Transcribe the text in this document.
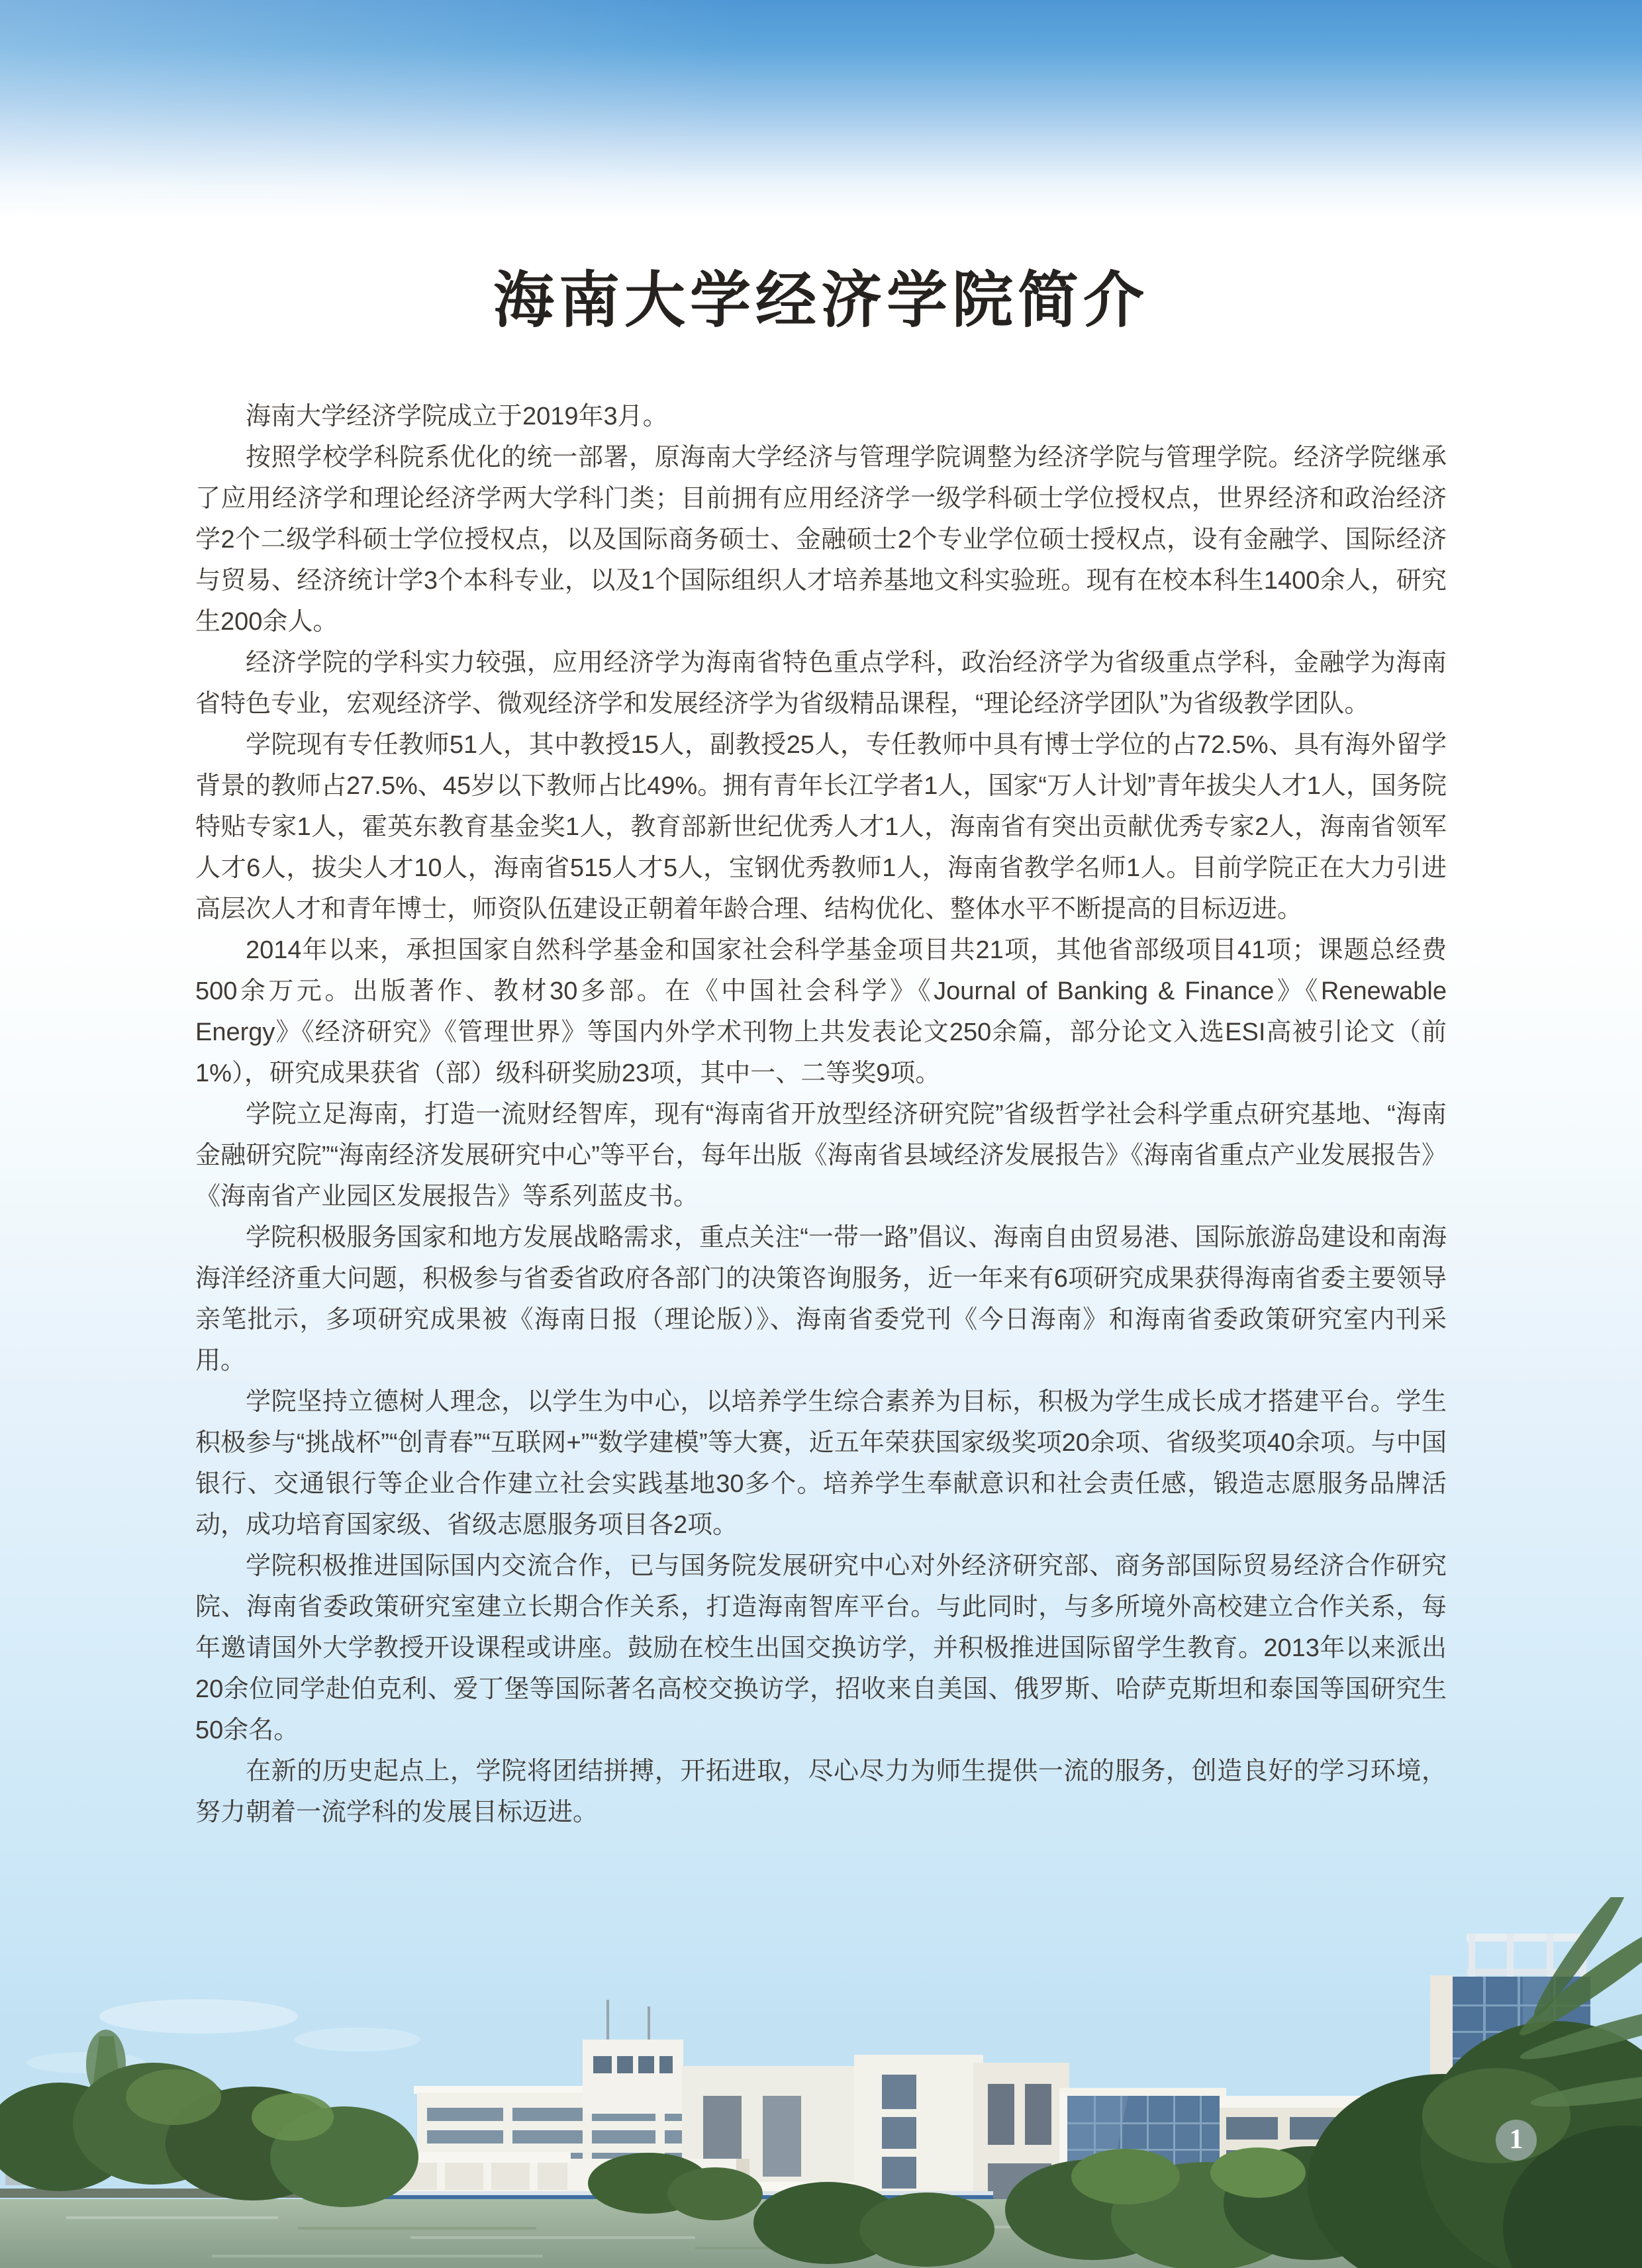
海南大学经济学院简介

海南大学经济学院成立于2019年3月。

按照学校学科院系优化的统一部署，原海南大学经济与管理学院调整为经济学院与管理学院。经济学院继承了应用经济学和理论经济学两大学科门类；目前拥有应用经济学一级学科硕士学位授权点，世界经济和政治经济学2个二级学科硕士学位授权点，以及国际商务硕士、金融硕士2个专业学位硕士授权点，设有金融学、国际经济与贸易、经济统计学3个本科专业，以及1个国际组织人才培养基地文科实验班。现有在校本科生1400余人，研究生200余人。

经济学院的学科实力较强，应用经济学为海南省特色重点学科，政治经济学为省级重点学科，金融学为海南省特色专业，宏观经济学、微观经济学和发展经济学为省级精品课程，“理论经济学团队”为省级教学团队。

学院现有专任教师51人，其中教授15人，副教授25人，专任教师中具有博士学位的占72.5%、具有海外留学背景的教师占27.5%、45岁以下教师占比49%。拥有青年长江学者1人，国家“万人计划”青年拔尖人才1人，国务院特贴专家1人，霍英东教育基金奖1人，教育部新世纪优秀人才1人，海南省有突出贡献优秀专家2人，海南省领军人才6人，拔尖人才10人，海南省515人才5人，宝钢优秀教师1人，海南省教学名师1人。目前学院正在大力引进高层次人才和青年博士，师资队伍建设正朝着年龄合理、结构优化、整体水平不断提高的目标迈进。

2014年以来，承担国家自然科学基金和国家社会科学基金项目共21项，其他省部级项目41项；课题总经费500余万元。出版著作、教材30多部。在《中国社会科学》《Journal of Banking & Finance》《Renewable Energy》《经济研究》《管理世界》等国内外学术刊物上共发表论文250余篇，部分论文入选ESI高被引论文（前1%），研究成果获省（部）级科研奖励23项，其中一、二等奖9项。

学院立足海南，打造一流财经智库，现有“海南省开放型经济研究院”省级哲学社会科学重点研究基地、“海南金融研究院”“海南经济发展研究中心”等平台，每年出版《海南省县域经济发展报告》《海南省重点产业发展报告》《海南省产业园区发展报告》等系列蓝皮书。

学院积极服务国家和地方发展战略需求，重点关注“一带一路”倡议、海南自由贸易港、国际旅游岛建设和南海海洋经济重大问题，积极参与省委省政府各部门的决策咨询服务，近一年来有6项研究成果获得海南省委主要领导亲笔批示，多项研究成果被《海南日报（理论版）》、海南省委党刊《今日海南》和海南省委政策研究室内刊采用。

学院坚持立德树人理念，以学生为中心，以培养学生综合素养为目标，积极为学生成长成才搭建平台。学生积极参与“挑战杯”“创青春”“互联网+”“数学建模”等大赛，近五年荣获国家级奖项20余项、省级奖项40余项。与中国银行、交通银行等企业合作建立社会实践基地30多个。培养学生奉献意识和社会责任感，锻造志愿服务品牌活动，成功培育国家级、省级志愿服务项目各2项。

学院积极推进国际国内交流合作，已与国务院发展研究中心对外经济研究部、商务部国际贸易经济合作研究院、海南省委政策研究室建立长期合作关系，打造海南智库平台。与此同时，与多所境外高校建立合作关系，每年邀请国外大学教授开设课程或讲座。鼓励在校生出国交换访学，并积极推进国际留学生教育。2013年以来派出20余位同学赴伯克利、爱丁堡等国际著名高校交换访学，招收来自美国、俄罗斯、哈萨克斯坦和泰国等国研究生50余名。

在新的历史起点上，学院将团结拼搏，开拓进取，尽心尽力为师生提供一流的服务，创造良好的学习环境，努力朝着一流学科的发展目标迈进。

1
